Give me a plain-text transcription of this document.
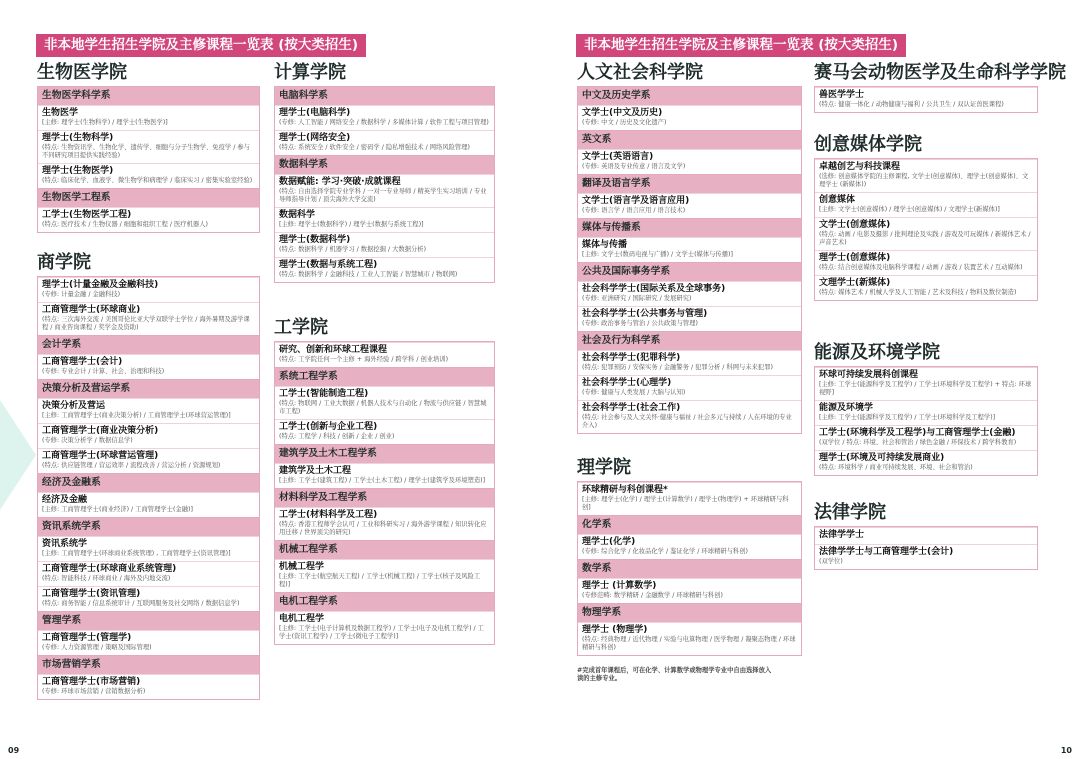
非本地学生招生学院及主修课程一览表 (按大类招生)
生物医学院
生物医学科学系
生物医学
[主修: 理学士(生物科学) / 理学士(生物医学)]
理学士(生物科学)
(特点: 生物资讯学、生物化学、遗传学、细胞与分子生物学、免疫学 / 参与不同研究项目提供实践经验)
理学士(生物医学)
(特点: 临床化学、血液学、微生物学和病理学 / 临床实习 / 密集实验室经验)
生物医学工程系
工学士(生物医学工程)
(特点: 医疗技术 / 生物仪器 / 细胞和组织工程 / 医疗机器人)
商学院
理学士(计量金融及金融科技)
(专修: 计量金融 / 金融科技)
工商管理学士(环球商业)
(特点: 三次海外交流 / 美国哥伦比亚大学双联学士学位 / 海外暑期及游学课程 / 商业咨询课程 / 奖学金及资助)
会计学系
工商管理学士(会计)
(专修: 专业会计 / 计算、社会、治理和科技)
决策分析及营运学系
决策分析及营运
[主修: 工商管理学士(商业决策分析) / 工商管理学士(环球营运管理)]
工商管理学士(商业决策分析)
(专修: 决策分析学 / 数据信息学)
工商管理学士(环球营运管理)
(特点: 供应链管理 / 营运效率 / 流程改善 / 营运分析 / 资源规划)
经济及金融系
经济及金融
[主修: 工商管理学士(商业经济) / 工商管理学士(金融)]
资讯系统学系
资讯系统学
[主修: 工商管理学士(环球商业系统管理) , 工商管理学士(资讯管理)]
工商管理学士(环球商业系统管理)
(特点: 智能科技 / 环球商业 / 海外及内地交流)
工商管理学士(资讯管理)
(特点: 商务智能 / 信息系统审计 / 互联网服务及社交网络 / 数据信息学)
管理学系
工商管理学士(管理学)
(专修: 人力资源管理 / 策略及国际管理)
市场营销学系
工商管理学士(市场营销)
(专修: 环球市场营销 / 营销数据分析)
计算学院
电脑科学系
理学士(电脑科学)
(专修: 人工智能 / 网络安全 / 数据科学 / 多媒体计算 / 软件工程与项目管理)
理学士(网络安全)
(特点: 系统安全 / 软件安全 / 密码学 / 隐私增强技术 / 网络风险管理)
数据科学系
数据赋能: 学习·突破·成就课程
(特点: 自由选择学院专业学科 / 一对一专业导师 / 精英学生实习培训 / 专业导师指导计划 / 顶尖海外大学交流)
数据科学
[主修: 理学士(数据科学) / 理学士(数据与系统工程)]
理学士(数据科学)
(特点: 数据科学 / 机器学习 / 数据挖掘 / 大数据分析)
理学士(数据与系统工程)
(特点: 数据科学 / 金融科技 / 工业人工智能 / 智慧城市 / 物联网)
工学院
研究、创新和环球工程课程
(特点: 工学院任何一个主修 + 海外经验 / 跨学科 / 创业培训)
系统工程学系
工学士(智能制造工程)
(特点: 物联网 / 工业大数据 / 机器人技术与自动化 / 物流与供应链 / 智慧城市工程)
工学士(创新与企业工程)
(特点: 工程学 / 科技 / 创新 / 企业 / 创业)
建筑学及土木工程学系
建筑学及土木工程
[主修: 工学士(建筑工程) / 工学士(土木工程) / 理学士(建筑学及环境塑造)]
材料科学及工程学系
工学士(材料科学及工程)
(特点: 香港工程师学会认可 / 工业和科研实习 / 海外游学课程 / 知识转化应用迁移 / 世界顶尖的研究)
机械工程学系
机械工程学
[主修: 工学士(航空航天工程) / 工学士(机械工程) / 工学士(核子及风险工程)]
电机工程学系
电机工程学
[主修: 工学士(电子计算机及数据工程学) / 工学士(电子及电机工程学) / 工学士(资讯工程学) / 工学士(微电子工程学)]
09
非本地学生招生学院及主修课程一览表 (按大类招生)
人文社会科学院
中文及历史学系
文学士(中文及历史)
(专修: 中文 / 历史及文化遗产)
英文系
文学士(英语语言)
(专修: 英语及专业传意 / 语言及文学)
翻译及语言学系
文学士(语言学及语言应用)
(专修: 语言学 / 语言应用 / 语言技术)
媒体与传播系
媒体与传播
[主修: 文学士(数码电视与广播) / 文学士(媒体与传播)]
公共及国际事务学系
社会科学学士(国际关系及全球事务)
(专修: 亚洲研究 / 国际研究 / 发展研究)
社会科学学士(公共事务与管理)
(专修: 政治事务与管治 / 公共政策与管理)
社会及行为科学系
社会科学学士(犯罪科学)
(特点: 犯罪预防 / 安保实务 / 金融警务 / 犯罪分析 / 科网与未来犯罪)
社会科学学士(心理学)
(专修: 健康与人类发展 / 大脑与认知)
社会科学学士(社会工作)
(特点: 社会参与及人文关怀·健康与福祉 / 社会多元与持续 / 人在环境的专业介入)
理学院
环球精研与科创课程*
[主修: 理学士(化学) / 理学士(计算数学) / 理学士(物理学) + 环球精研与科创]
化学系
理学士(化学)
(专修: 综合化学 / 化妆品化学 / 鉴证化学 / 环球精研与科创)
数学系
理学士 (计算数学)
(专修范畴: 数学精研 / 金融数学 / 环球精研与科创)
物理学系
理学士 (物理学)
(特点: 经典物理 / 近代物理 / 实验与电算物理 / 医学物理 / 凝聚态物理 / 环球精研与科创)
赛马会动物医学及生命科学学院
兽医学学士
(特点: 健康一体化 / 动物健康与福利 / 公共卫生 / 双认证兽医课程)
创意媒体学院
卓越创艺与科技课程
(选修: 创意媒体学院的主修课程, 文学士(创意媒体)、理学士(创意媒体)、文理学士 (新媒体))
创意媒体
[主修: 文学士(创意媒体) / 理学士(创意媒体) / 文理学士(新媒体)]
文学士(创意媒体)
(特点: 动画 / 电影及摄影 / 批判理论及实践 / 游戏及可玩媒体 / 新媒体艺术 / 声音艺术)
理学士(创意媒体)
(特点: 结合创意媒体及电脑科学课程 / 动画 / 游戏 / 装置艺术 / 互动媒体)
文理学士(新媒体)
(特点: 媒体艺术 / 机械人学及人工智能 / 艺术及科技 / 物料及数位制造)
能源及环境学院
环球可持续发展科创课程
[主修: 工学士(能源科学及工程学) / 工学士(环境科学及工程学) + 特点: 环球视野]
能源及环境学
[主修: 工学士(能源科学及工程学) / 工学士(环境科学及工程学)]
工学士(环境科学及工程学)与工商管理学士(金融)
(双学位 / 特点: 环境、社会和管治 / 绿色金融 / 环保技术 / 跨学科教育)
理学士(环境及可持续发展商业)
(特点: 环境科学 / 商业可持续发展、环境、社会和管治)
法律学院
法律学学士
法律学学士与工商管理学士(会计)
(双学位)
#完成首年课程后，可在化学、计算数学或物理学专业中自由选择放入读的主修专业。
10
